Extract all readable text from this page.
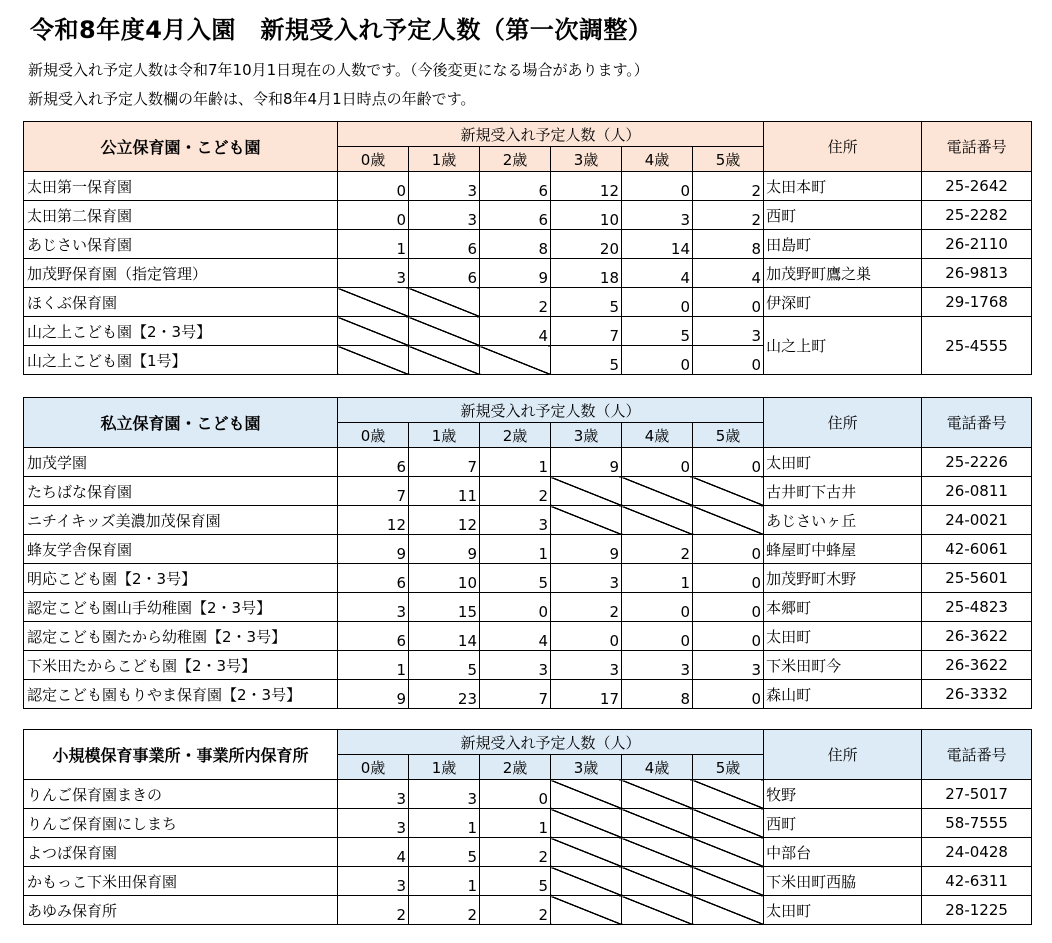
令和8年度4月入園　新規受入れ予定人数（第一次調整）
新規受入れ予定人数は令和7年10月1日現在の人数です。（今後変更になる場合があります。）
新規受入れ予定人数欄の年齢は、令和8年4月1日時点の年齢です。
公立保育園・こども園	新規受入れ予定人数（人）						住所	電話番号
	0歳	1歳	2歳	3歳	4歳	5歳		
太田第一保育園	0	3	6	12	0	2	太田本町	25-2642
太田第二保育園	0	3	6	10	3	2	西町	25-2282
あじさい保育園	1	6	8	20	14	8	田島町	26-2110
加茂野保育園（指定管理）	3	6	9	18	4	4	加茂野町鷹之巣	26-9813
ほくぶ保育園			2	5	0	0	伊深町	29-1768
山之上こども園【2・3号】			4	7	5	3	山之上町	25-4555
山之上こども園【1号】				5	0	0		
私立保育園・こども園	新規受入れ予定人数（人）						住所	電話番号
	0歳	1歳	2歳	3歳	4歳	5歳		
加茂学園	6	7	1	9	0	0	太田町	25-2226
たちばな保育園	7	11	2				古井町下古井	26-0811
ニチイキッズ美濃加茂保育園	12	12	3				あじさいヶ丘	24-0021
蜂友学舎保育園	9	9	1	9	2	0	蜂屋町中蜂屋	42-6061
明応こども園【2・3号】	6	10	5	3	1	0	加茂野町木野	25-5601
認定こども園山手幼稚園【2・3号】	3	15	0	2	0	0	本郷町	25-4823
認定こども園たから幼稚園【2・3号】	6	14	4	0	0	0	太田町	26-3622
下米田たからこども園【2・3号】	1	5	3	3	3	3	下米田町今	26-3622
認定こども園もりやま保育園【2・3号】	9	23	7	17	8	0	森山町	26-3332
小規模保育事業所・事業所内保育所	新規受入れ予定人数（人）						住所	電話番号
	0歳	1歳	2歳	3歳	4歳	5歳		
りんご保育園まきの	3	3	0				牧野	27-5017
りんご保育園にしまち	3	1	1				西町	58-7555
よつば保育園	4	5	2				中部台	24-0428
かもっこ下米田保育園	3	1	5				下米田町西脇	42-6311
あゆみ保育所	2	2	2				太田町	28-1225
